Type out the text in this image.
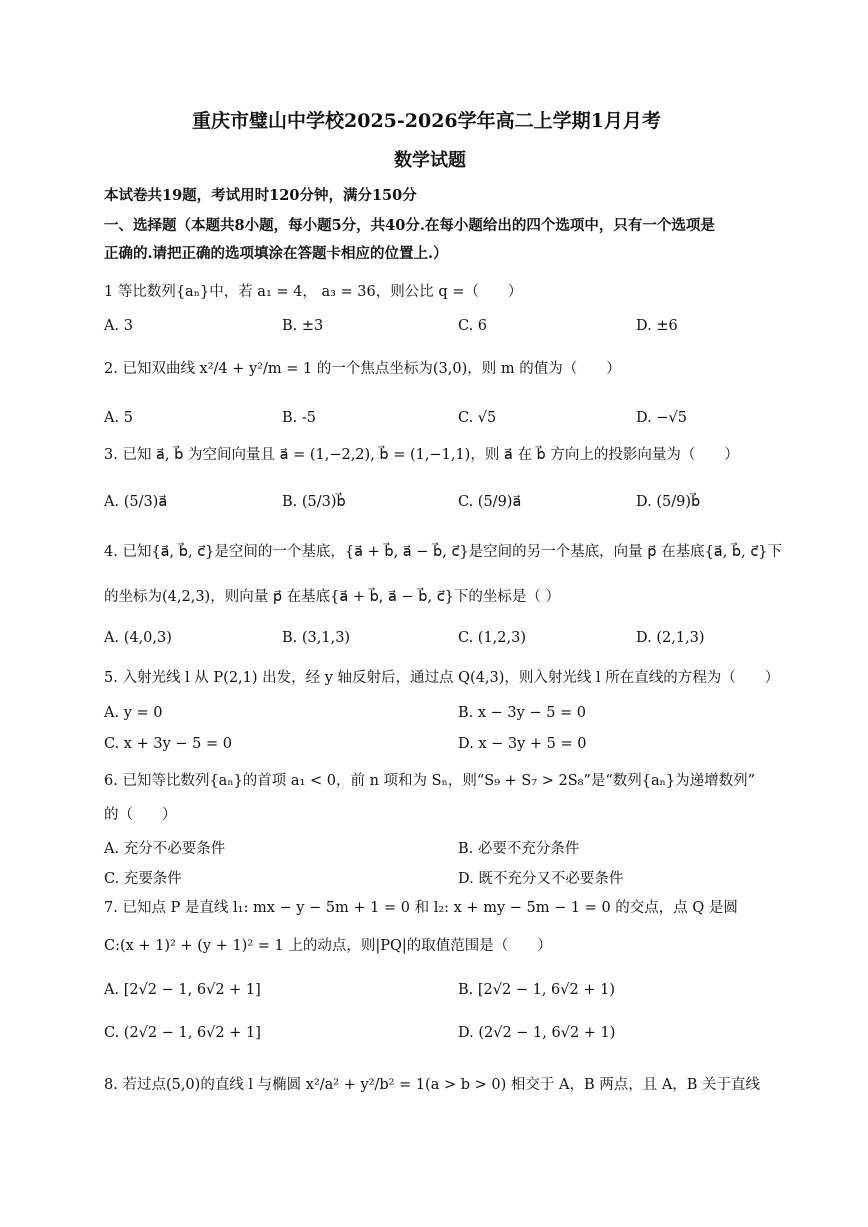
重庆市璧山中学校2025-2026学年高二上学期1月月考
数学试题
本试卷共19题，考试用时120分钟，满分150分
一、选择题（本题共8小题，每小题5分，共40分.在每小题给出的四个选项中，只有一个选项是
正确的.请把正确的选项填涂在答题卡相应的位置上.）
1 等比数列{aₙ}中，若 a₁ = 4， a₃ = 36，则公比 q =（　　）
A. 3	B. ±3	C. 6	D. ±6
2. 已知双曲线 x²/4 + y²/m = 1 的一个焦点坐标为(3,0)，则 m 的值为（　　）
A. 5	B. -5	C. √5	D. −√5
3. 已知 a⃗, b⃗ 为空间向量且 a⃗ = (1,−2,2), b⃗ = (1,−1,1)，则 a⃗ 在 b⃗ 方向上的投影向量为（　　）
A. (5/3)a⃗	B. (5/3)b⃗	C. (5/9)a⃗	D. (5/9)b⃗
4. 已知{a⃗, b⃗, c⃗}是空间的一个基底，{a⃗ + b⃗, a⃗ − b⃗, c⃗}是空间的另一个基底，向量 p⃗ 在基底{a⃗, b⃗, c⃗}下
的坐标为(4,2,3)，则向量 p⃗ 在基底{a⃗ + b⃗, a⃗ − b⃗, c⃗}下的坐标是（ ）
A. (4,0,3)	B. (3,1,3)	C. (1,2,3)	D. (2,1,3)
5. 入射光线 l 从 P(2,1) 出发，经 y 轴反射后，通过点 Q(4,3)，则入射光线 l 所在直线的方程为（　　）
A. y = 0	B. x − 3y − 5 = 0
C. x + 3y − 5 = 0	D. x − 3y + 5 = 0
6. 已知等比数列{aₙ}的首项 a₁ < 0，前 n 项和为 Sₙ，则“S₉ + S₇ > 2S₈”是“数列{aₙ}为递增数列”
的（　　）
A. 充分不必要条件	B. 必要不充分条件
C. 充要条件	D. 既不充分又不必要条件
7. 已知点 P 是直线 l₁: mx − y − 5m + 1 = 0 和 l₂: x + my − 5m − 1 = 0 的交点，点 Q 是圆
C:(x + 1)² + (y + 1)² = 1 上的动点，则|PQ|的取值范围是（　　）
A. [2√2 − 1, 6√2 + 1]	B. [2√2 − 1, 6√2 + 1)
C. (2√2 − 1, 6√2 + 1]	D. (2√2 − 1, 6√2 + 1)
8. 若过点(5,0)的直线 l 与椭圆 x²/a² + y²/b² = 1(a > b > 0) 相交于 A，B 两点，且 A，B 关于直线
